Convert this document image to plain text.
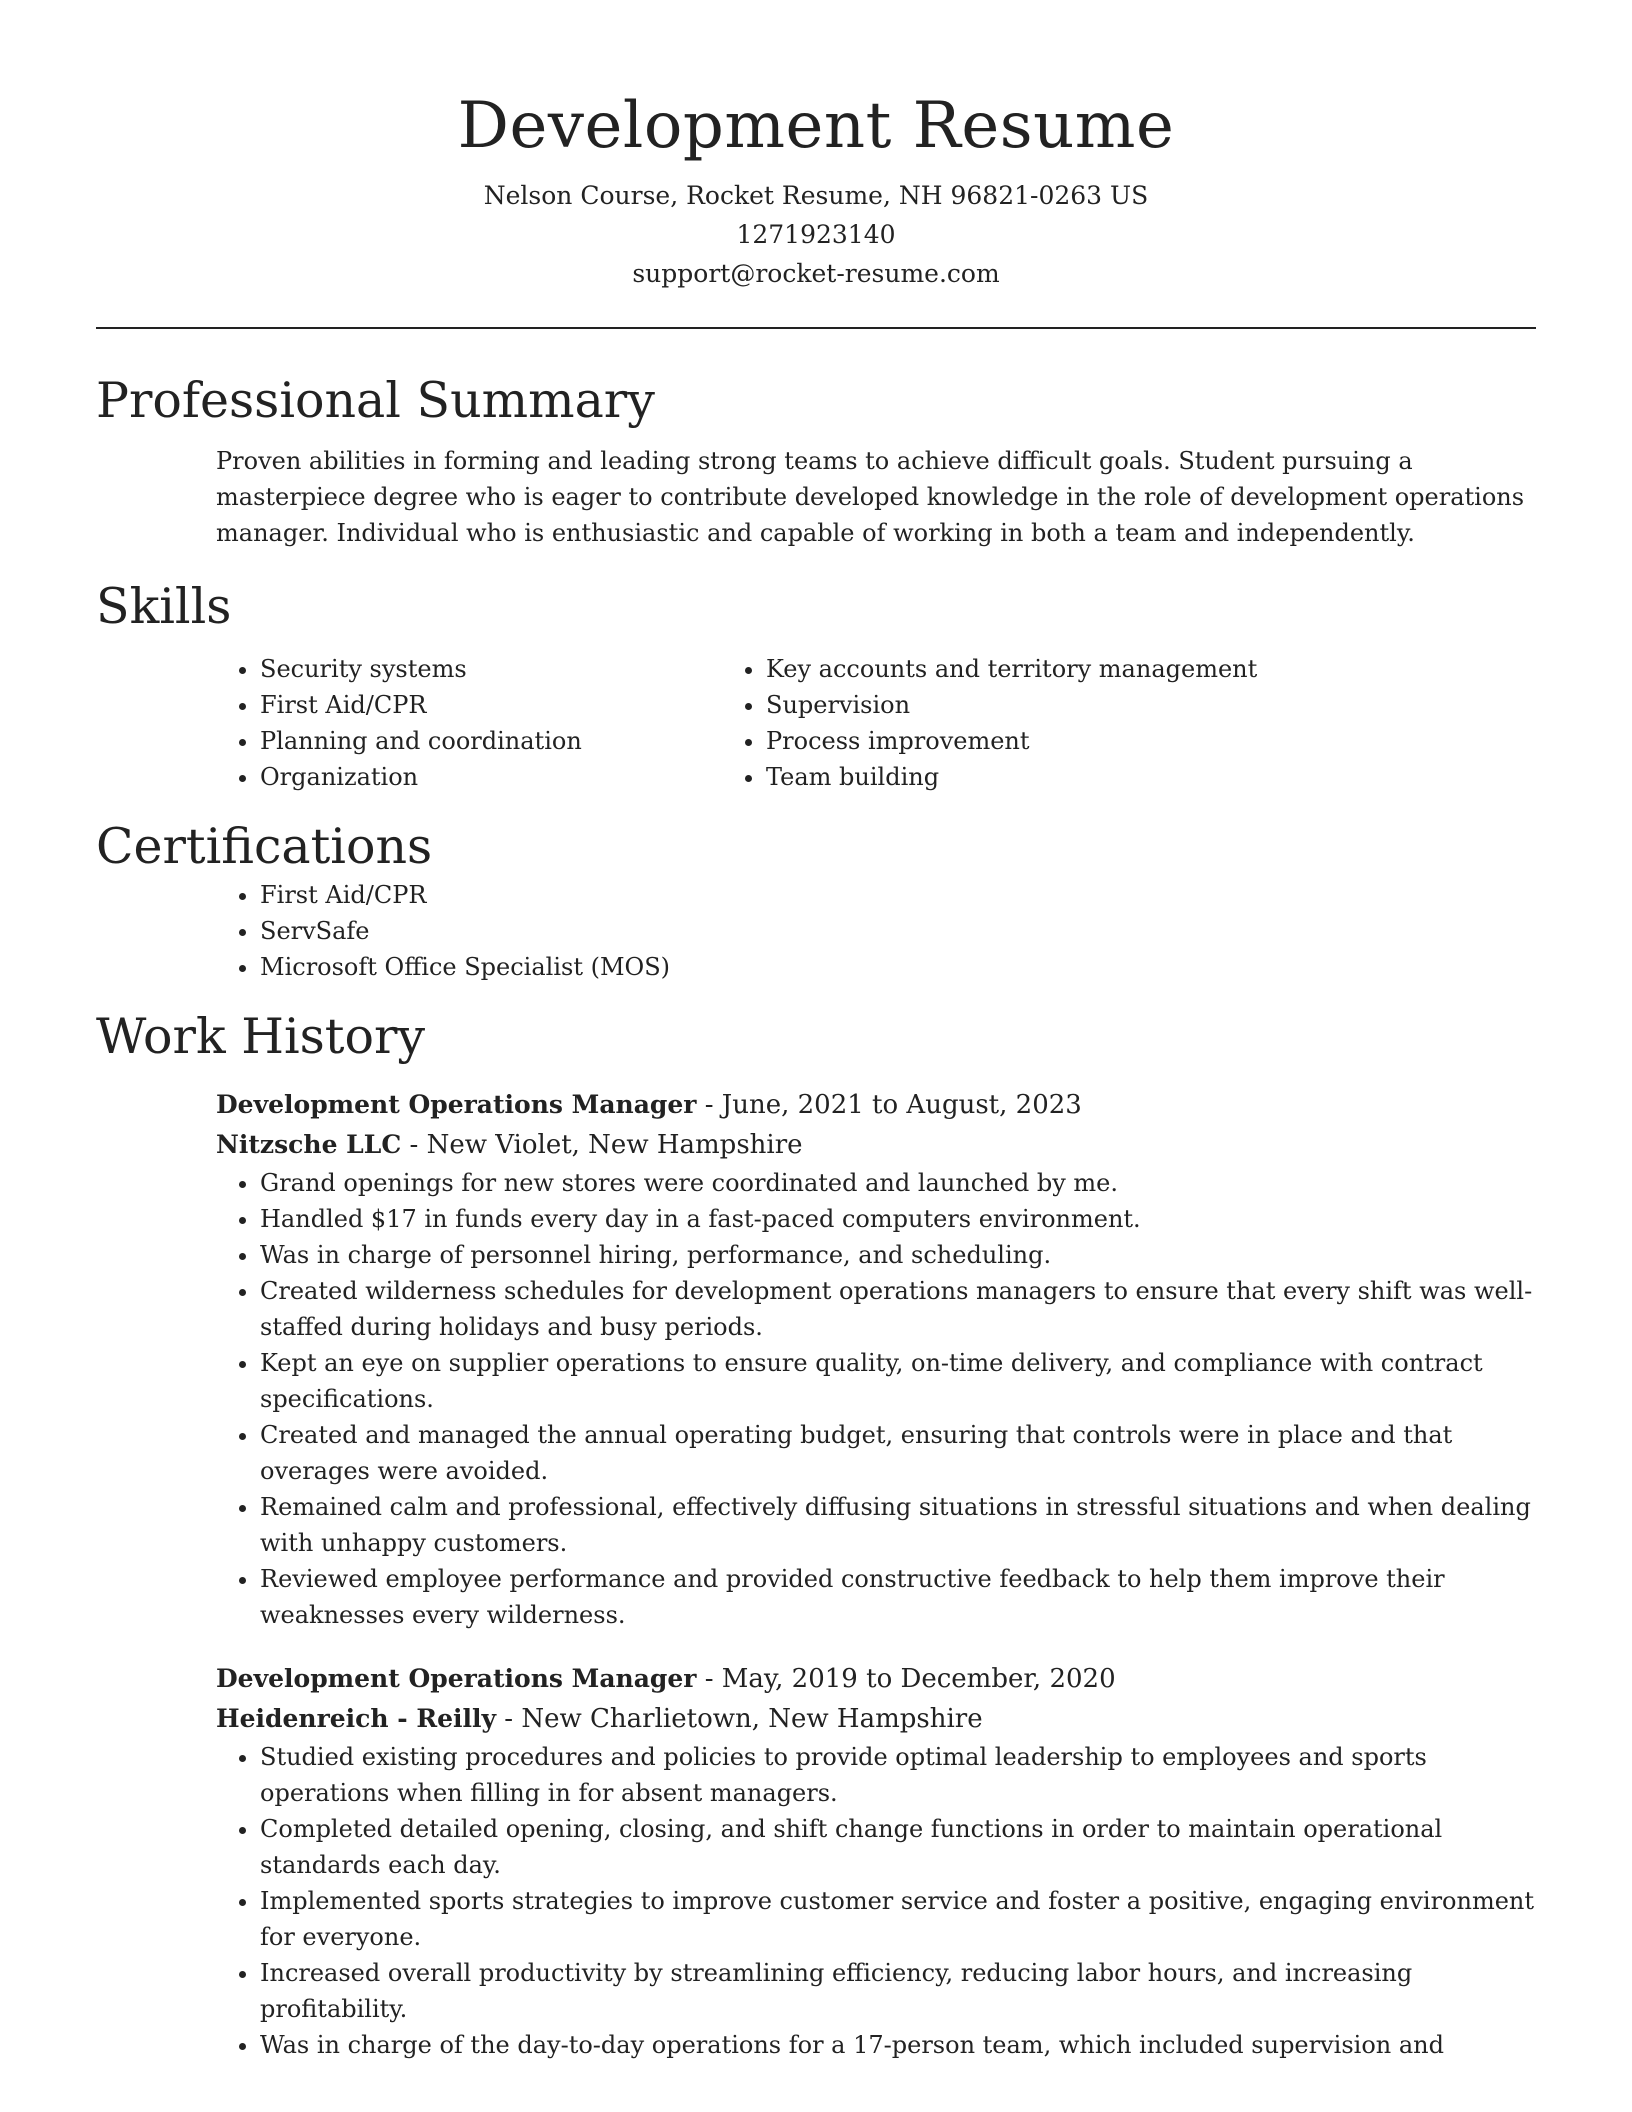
Development Resume

Nelson Course, Rocket Resume, NH 96821-0263 US

1271923140

support@rocket-resume.com

Professional Summary

Proven abilities in forming and leading strong teams to achieve difficult goals. Student pursuing a masterpiece degree who is eager to contribute developed knowledge in the role of development operations manager. Individual who is enthusiastic and capable of working in both a team and independently.

Skills
• Security systems
• First Aid/CPR
• Planning and coordination
• Organization
• Key accounts and territory management
• Supervision
• Process improvement
• Team building
Certifications
• First Aid/CPR
• ServSafe
• Microsoft Office Specialist (MOS)
Work History

Development Operations Manager - June, 2021 to August, 2023

Nitzsche LLC - New Violet, New Hampshire

• Grand openings for new stores were coordinated and launched by me.
• Handled $17 in funds every day in a fast-paced computers environment.
• Was in charge of personnel hiring, performance, and scheduling.
• Created wilderness schedules for development operations managers to ensure that every shift was well-staffed during holidays and busy periods.
• Kept an eye on supplier operations to ensure quality, on-time delivery, and compliance with contract specifications.
• Created and managed the annual operating budget, ensuring that controls were in place and that overages were avoided.
• Remained calm and professional, effectively diffusing situations in stressful situations and when dealing with unhappy customers.
• Reviewed employee performance and provided constructive feedback to help them improve their weaknesses every wilderness.

Development Operations Manager - May, 2019 to December, 2020

Heidenreich - Reilly - New Charlietown, New Hampshire

• Studied existing procedures and policies to provide optimal leadership to employees and sports operations when filling in for absent managers.
• Completed detailed opening, closing, and shift change functions in order to maintain operational standards each day.
• Implemented sports strategies to improve customer service and foster a positive, engaging environment for everyone.
• Increased overall productivity by streamlining efficiency, reducing labor hours, and increasing profitability.
• Was in charge of the day-to-day operations for a 17-person team, which included supervision and
